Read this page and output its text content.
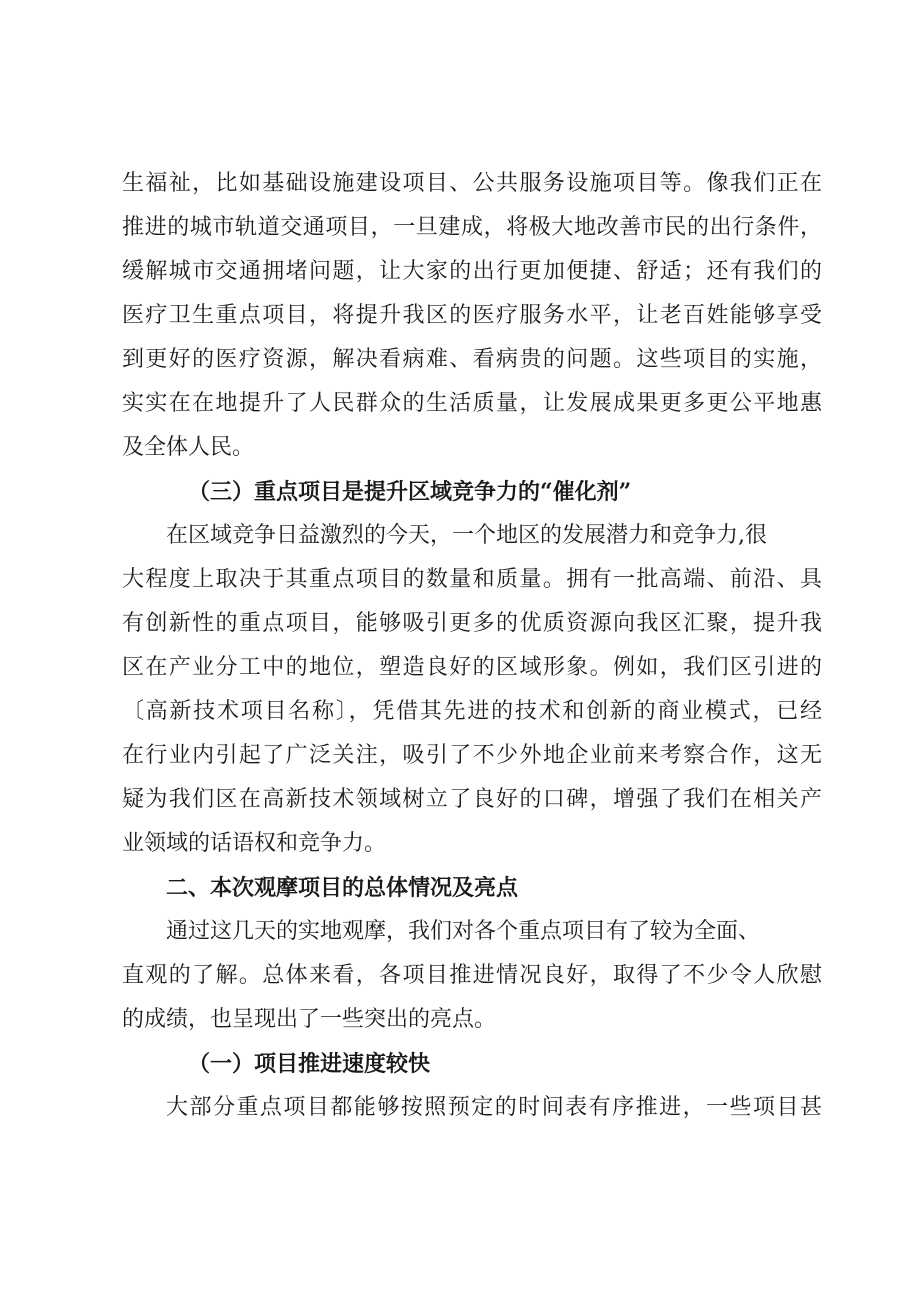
生福祉，比如基础设施建设项目、公共服务设施项目等。像我们正在
推进的城市轨道交通项目，一旦建成，将极大地改善市民的出行条件，
缓解城市交通拥堵问题，让大家的出行更加便捷、舒适；还有我们的
医疗卫生重点项目，将提升我区的医疗服务水平，让老百姓能够享受
到更好的医疗资源，解决看病难、看病贵的问题。这些项目的实施，
实实在在地提升了人民群众的生活质量，让发展成果更多更公平地惠
及全体人民。
（三）重点项目是提升区域竞争力的“催化剂”
在区域竞争日益激烈的今天，一个地区的发展潜力和竞争力,很
大程度上取决于其重点项目的数量和质量。拥有一批高端、前沿、具
有创新性的重点项目，能够吸引更多的优质资源向我区汇聚，提升我
区在产业分工中的地位，塑造良好的区域形象。例如，我们区引进的
〔高新技术项目名称〕，凭借其先进的技术和创新的商业模式，已经
在行业内引起了广泛关注，吸引了不少外地企业前来考察合作，这无
疑为我们区在高新技术领域树立了良好的口碑，增强了我们在相关产
业领域的话语权和竞争力。
二、本次观摩项目的总体情况及亮点
通过这几天的实地观摩，我们对各个重点项目有了较为全面、
直观的了解。总体来看，各项目推进情况良好，取得了不少令人欣慰
的成绩，也呈现出了一些突出的亮点。
（一）项目推进速度较快
大部分重点项目都能够按照预定的时间表有序推进，一些项目甚
